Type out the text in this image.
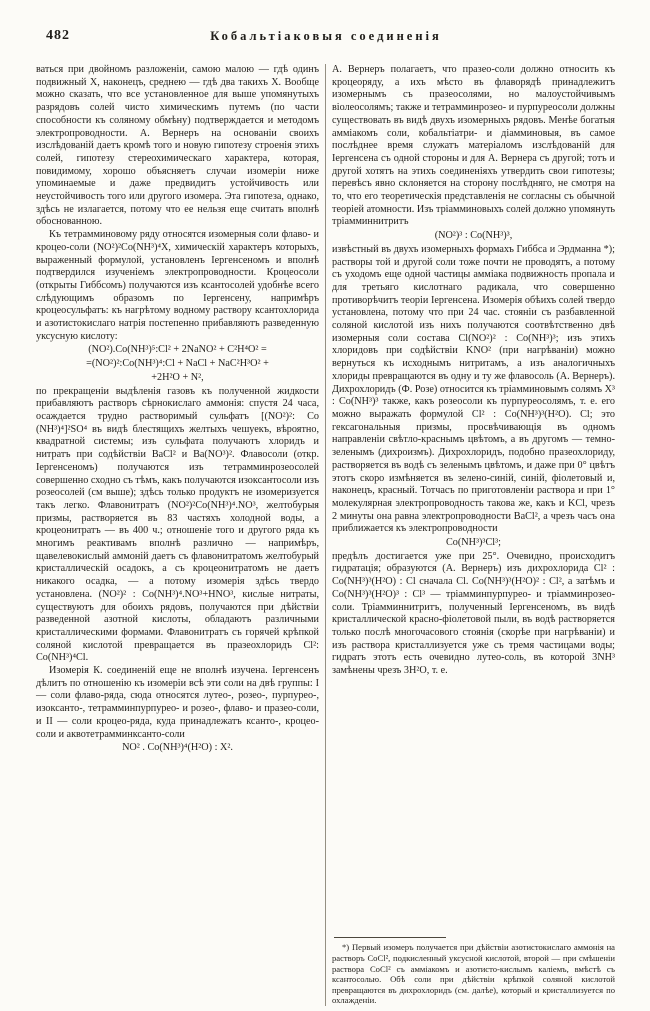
482	Кобальтіаковыя соединенія

ваться при двойномъ разложеніи, самою малою — гдѣ одинъ подвижный X, наконецъ, среднею — гдѣ два такихъ X. Вообще можно сказать, что все установленное для выше упомянутыхъ разрядовъ солей чисто химическимъ путемъ (по части способности къ соляному обмѣну) подтверждается и методомъ электропроводности. А. Вернеръ на основаніи своихъ изслѣдованій даетъ кромѣ того и новую гипотезу строенія этихъ солей, гипотезу стереохимическаго характера, которая, повидимому, хорошо объясняетъ случаи изомеріи ниже упоминаемые и даже предвидитъ устойчивость или неустойчивость того или другого изомера. Эта гипотеза, однако, здѣсь не излагается, потому что ее нельзя еще считать вполнѣ обоснованною.

Къ тетрамминовому ряду относятся изомерныя соли флаво- и кроцео-соли (NO²)²Co(NH³)⁴X, химическій характеръ которыхъ, выраженный формулой, установленъ Іергенсеномъ и вполнѣ подтвердился изученіемъ электропроводности. Кроцеосоли (открыты Гиббсомъ) получаются изъ ксантосолей удобнѣе всего слѣдующимъ образомъ по Іергенсену, напримѣръ кроцеосульфатъ: къ нагрѣтому водному раствору ксантохлорида и азотистокислаго натрія постепенно прибавляютъ разведенную уксусную кислоту:

(NO²).Co(NH³)⁵:Cl² + 2NaNO² + C²H⁴O² =
=(NO²)²:Co(NH³)⁴:Cl + NaCl + NaC²H³O² +
+2H²O + N²,

по прекращеніи выдѣленія газовъ къ полученной жидкости прибавляютъ растворъ сѣрнокислаго аммонія: спустя 24 часа, осаждается трудно растворимый сульфатъ [(NO²)²: Co (NH³)⁴]²SO⁴ въ видѣ блестящихъ желтыхъ чешуекъ, вѣроятно, квадратной системы; изъ сульфата получаютъ хлоридъ и нитратъ при содѣйствіи BaCl² и Ba(NO³)². Флавосоли (откр. Іергенсеномъ) получаются изъ тетрамминрозеосолей совершенно сходно съ тѣмъ, какъ получаются изоксантосоли изъ розеосолей (см выше); здѣсь только продуктъ не изомеризуется такъ легко. Флавонитратъ (NO²)²Co(NH³)⁴.NO³, желтобурыя призмы, растворяется въ 83 частяхъ холодной воды, а кроцеонитратъ — въ 400 ч.; отношеніе того и другого ряда къ многимъ реактивамъ вполнѣ различно — напримѣръ, щавелевокислый аммоній даетъ съ флавонитратомъ желтобурый кристаллическій осадокъ, а съ кроцеонитратомъ не даетъ никакого осадка, — а потому изомерія здѣсь твердо установлена. (NO²)² : Co(NH³)⁴.NO³+HNO³, кислые нитраты, существуютъ для обоихъ рядовъ, получаются при дѣйствіи разведенной азотной кислоты, обладаютъ различными кристаллическими формами. Флавонитратъ съ горячей крѣпкой соляной кислотой превращается въ празеохлоридъ Cl²: Co(NH³)⁴Cl.

Изомерія К. соединеній еще не вполнѣ изучена. Іергенсенъ дѣлитъ по отношенію къ изомеріи всѣ эти соли на двѣ группы: I — соли флаво-ряда, сюда относятся лутео-, розео-, пурпурео-, изоксанто-, тетрамминпурпурео- и розео-, флаво- и празео-соли, и II — соли кроцео-ряда, куда принадлежатъ ксанто-, кроцео-соли и аквотетрамминксанто-соли

NO² . Co(NH³)⁴(H²O) : X².

А. Вернеръ полагаетъ, что празео-соли должно относить къ кроцеоряду, а ихъ мѣсто въ флаворядѣ принадлежитъ изомернымъ съ празеосолями, но малоустойчивымъ віолеосолямъ; также и тетрамминрозео- и пурпуреосоли должны существовать въ видѣ двухъ изомерныхъ рядовъ. Менѣе богатыя амміакомъ соли, кобальтіатри- и діамминовыя, въ самое послѣднее время служатъ матеріаломъ изслѣдованій для Іергенсена съ одной стороны и для А. Вернера съ другой; тотъ и другой хотятъ на этихъ соединеніяхъ утвердить свои гипотезы; перевѣсъ явно склоняется на сторону послѣдняго, не смотря на то, что его теоретическія представленія не согласны съ обычной теоріей атомности. Изъ тріамминовыхъ солей должно упомянуть тріамминнитритъ

(NO²)³ : Co(NH³)³,

извѣстный въ двухъ изомерныхъ формахъ Гиббса и Эрдманна *); растворы той и другой соли тоже почти не проводятъ, а потому съ уходомъ еще одной частицы амміака подвижность пропала и для третьяго кислотнаго радикала, что совершенно противорѣчитъ теоріи Іергенсена. Изомерія обѣихъ солей твердо установлена, потому что при 24 час. стояніи съ разбавленной соляной кислотой изъ нихъ получаются соотвѣтственно двѣ изомерныя соли состава Cl(NO²)² : Co(NH³)³; изъ этихъ хлоридовъ при содѣйствіи KNO² (при нагрѣваніи) можно вернуться къ исходнымъ нитритамъ, а изъ аналогичныхъ хлориды превращаются въ одну и ту же флавосоль (А. Вернеръ). Дихрохлоридъ (Ф. Розе) относится къ тріамминовымъ солямъ X³ : Co(NH³)³ также, какъ розеосоли къ пурпуреосолямъ, т. е. его можно выражать формулой Cl² : Co(NH³)³(H²O). Cl; это гексагональныя призмы, просвѣчивающія въ одномъ направленіи свѣтло-краснымъ цвѣтомъ, а въ другомъ — темно-зеленымъ (дихроизмъ). Дихрохлоридъ, подобно празеохлориду, растворяется въ водѣ съ зеленымъ цвѣтомъ, и даже при 0° цвѣтъ этотъ скоро измѣняется въ зелено-синій, синій, фіолетовый и, наконецъ, красный. Тотчасъ по приготовленіи раствора и при 1° молекулярная электропроводность такова же, какъ и KCl, чрезъ 2 минуты она равна электропроводности BaCl², а чрезъ часъ она приближается къ электропроводности

Co(NH³)³Cl³;

предѣлъ достигается уже при 25°. Очевидно, происходитъ гидратація; образуются (А. Вернеръ) изъ дихрохлорида Cl² : Co(NH³)³(H²O) : Cl сначала Cl. Co(NH³)³(H²O)² : Cl², а затѣмъ и Co(NH³)³(H²O)³ : Cl³ — тріамминпурпурео- и тріамминрозео-соли. Тріамминнитритъ, полученный Іергенсеномъ, въ видѣ кристаллической красно-фіолетовой пыли, въ водѣ растворяется только послѣ многочасового стоянія (скорѣе при нагрѣваніи) и изъ раствора кристаллизуется уже съ тремя частицами воды; гидратъ этотъ есть очевидно лутео-соль, въ которой 3NH³ замѣнены чрезъ 3H²O, т. е.

*) Первый изомеръ получается при дѣйствіи азотистокислаго аммонія на растворъ CoCl², подкисленный уксусной кислотой, второй — при смѣшеніи раствора CoCl² съ амміакомъ и азотисто-кислымъ каліемъ, вмѣстѣ съ ксантосолью. Обѣ соли при дѣйствіи крѣпкой соляной кислотой превращаются въ дихрохлоридъ (см. далѣе), который и кристаллизуется по охлажденіи.
